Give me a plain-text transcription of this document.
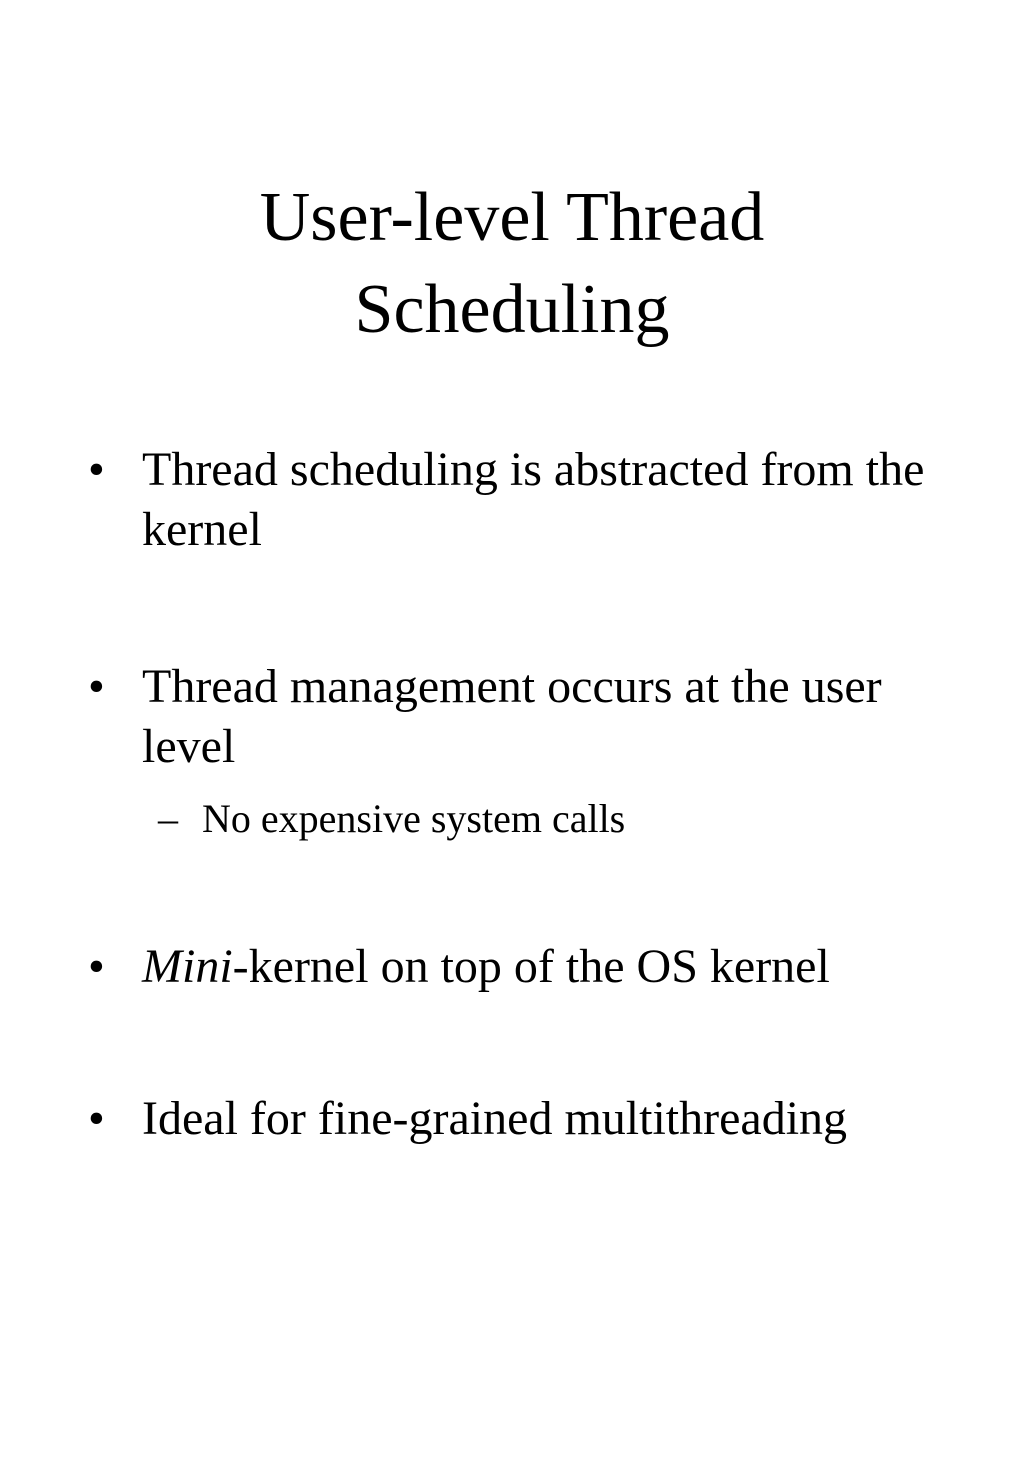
User-level Thread
Scheduling
• Thread scheduling is abstracted from the kernel
• Thread management occurs at the user level
– No expensive system calls
• Mini-kernel on top of the OS kernel
• Ideal for fine-grained multithreading
